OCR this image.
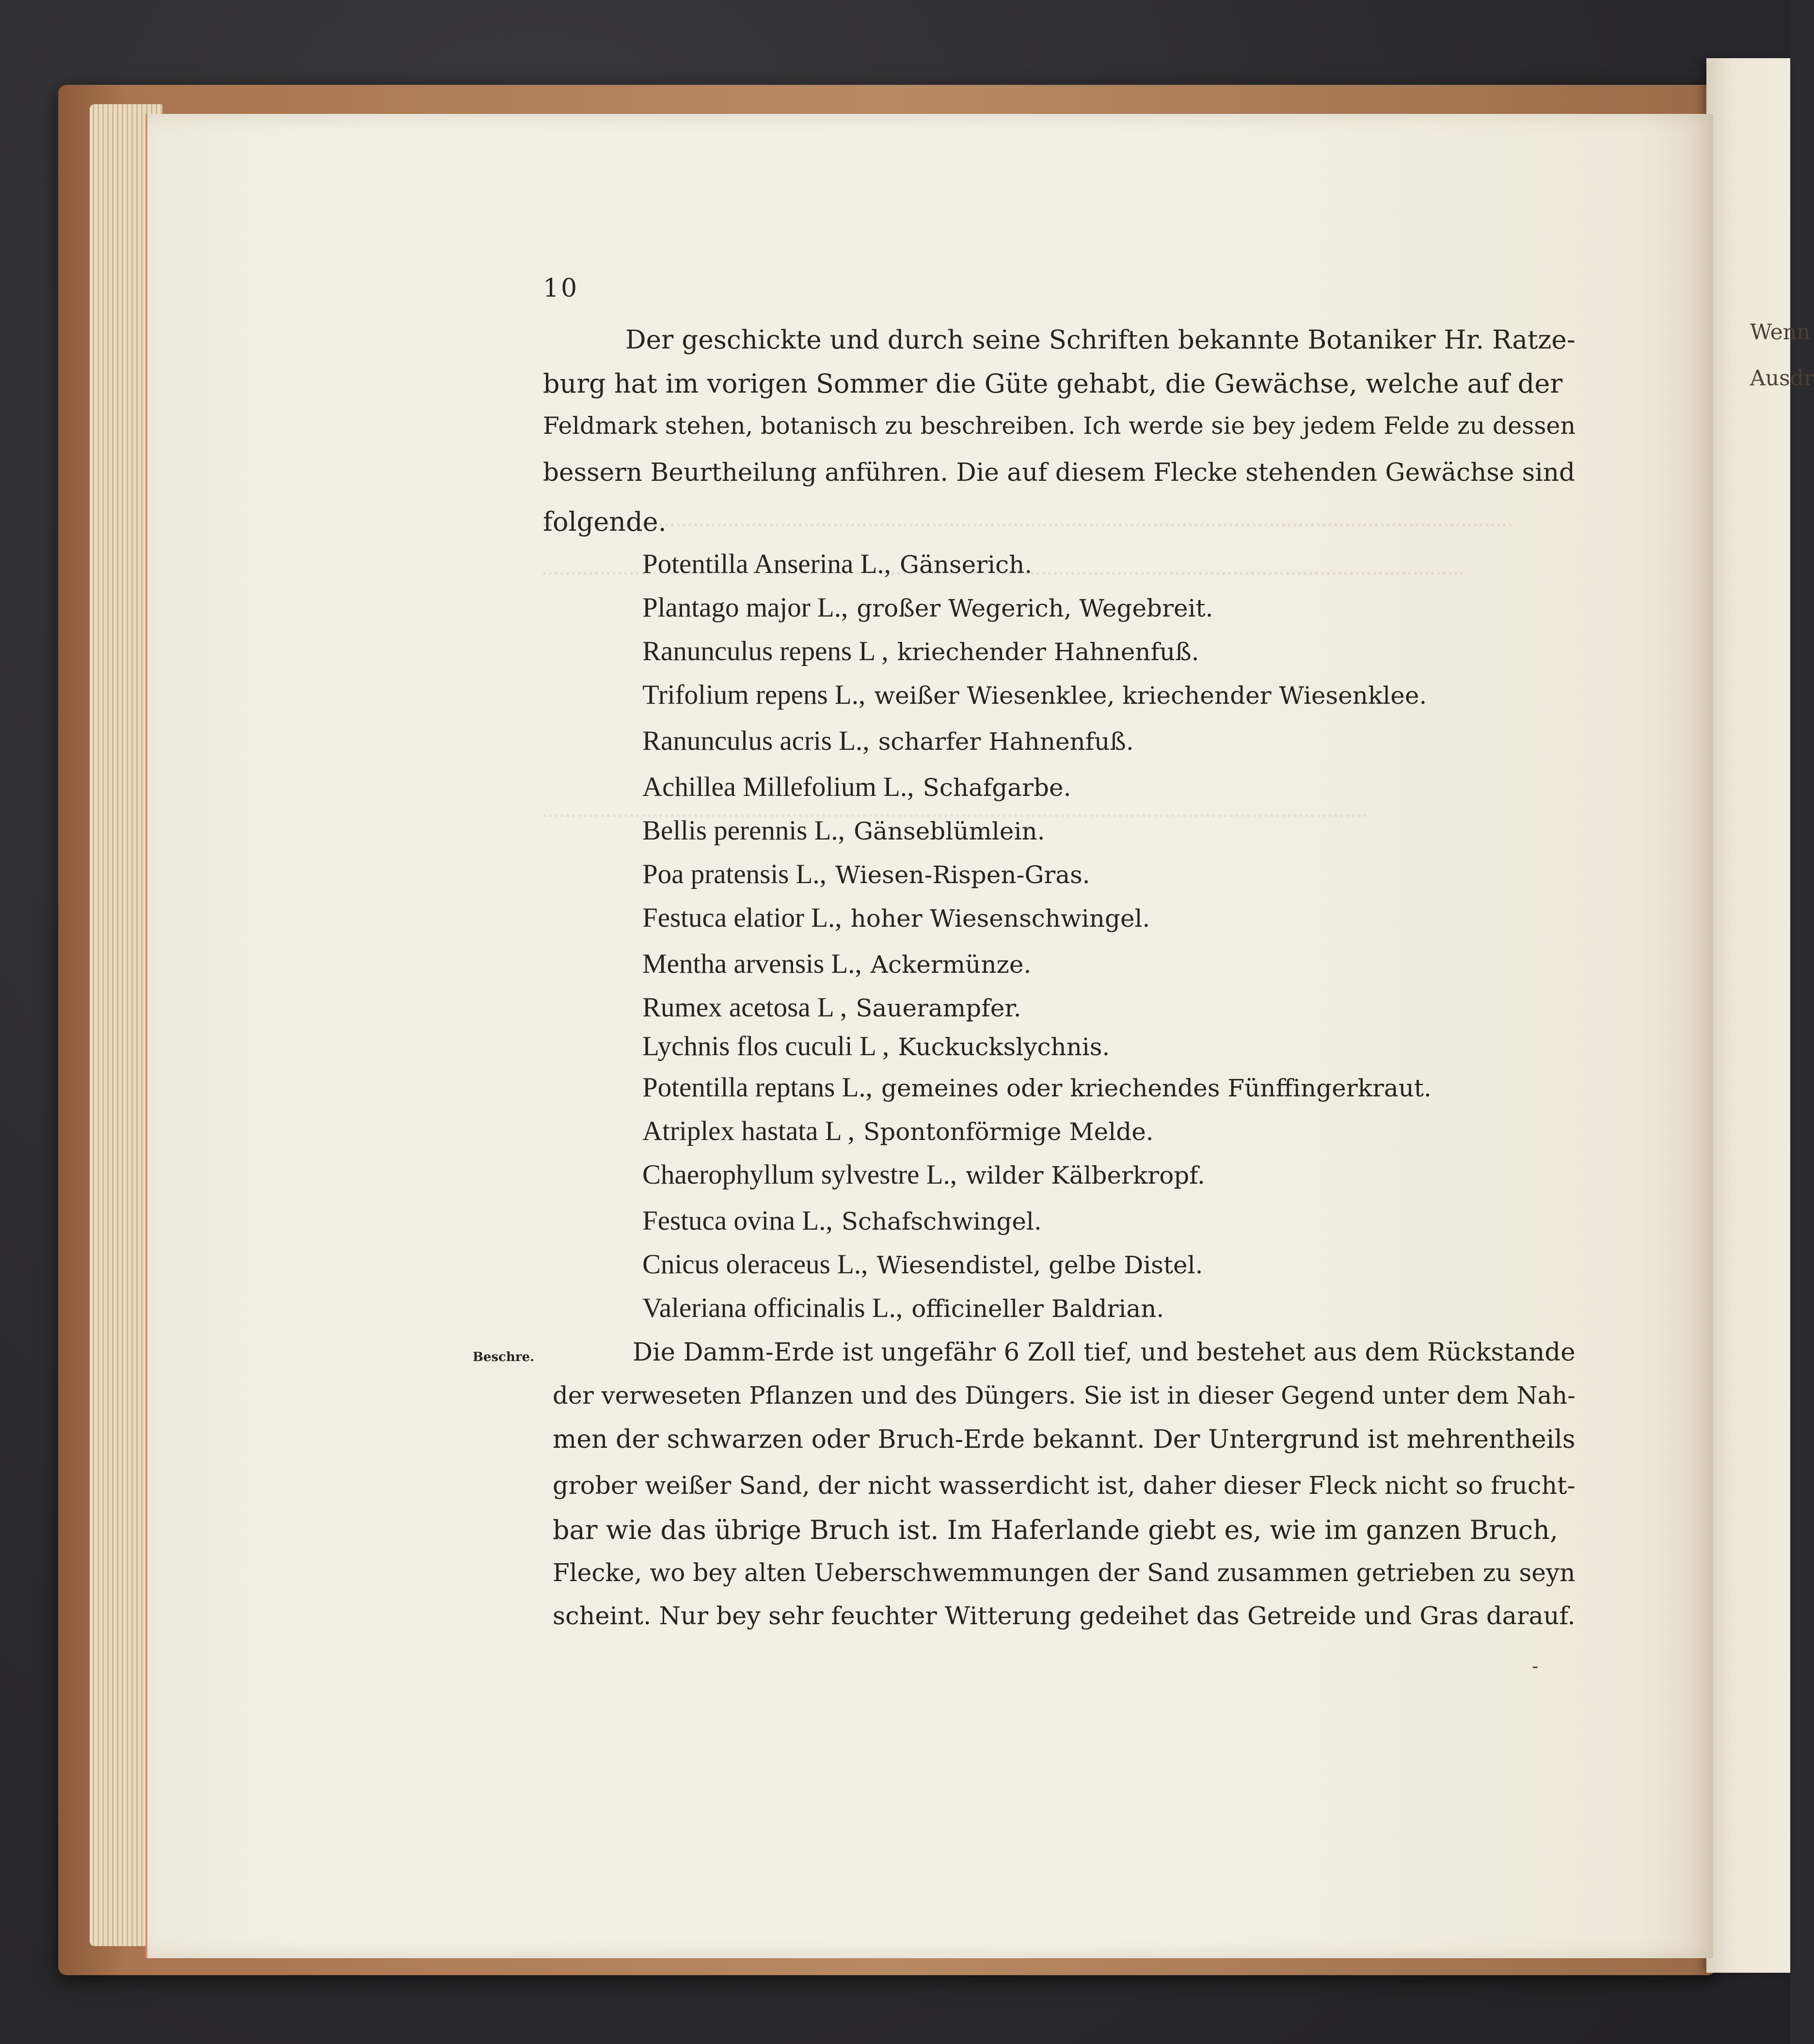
Wenn
Ausdr
10
Der geschickte und durch seine Schriften bekannte Botaniker Hr. Ratze-
burg hat im vorigen Sommer die Güte gehabt, die Gewächse, welche auf der
Feldmark stehen, botanisch zu beschreiben. Ich werde sie bey jedem Felde zu dessen
bessern Beurtheilung anführen. Die auf diesem Flecke stehenden Gewächse sind
folgende.
Potentilla Anserina L., Gänserich.
Plantago major L., großer Wegerich, Wegebreit.
Ranunculus repens L , kriechender Hahnenfuß.
Trifolium repens L., weißer Wiesenklee, kriechender Wiesenklee.
Ranunculus acris L., scharfer Hahnenfuß.
Achillea Millefolium L., Schafgarbe.
Bellis perennis L., Gänseblümlein.
Poa pratensis L., Wiesen-Rispen-Gras.
Festuca elatior L., hoher Wiesenschwingel.
Mentha arvensis L., Ackermünze.
Rumex acetosa L , Sauerampfer.
Lychnis flos cuculi L , Kuckuckslychnis.
Potentilla reptans L., gemeines oder kriechendes Fünffingerkraut.
Atriplex hastata L , Spontonförmige Melde.
Chaerophyllum sylvestre L., wilder Kälberkropf.
Festuca ovina L., Schafschwingel.
Cnicus oleraceus L., Wiesendistel, gelbe Distel.
Valeriana officinalis L., officineller Baldrian.
Beschre.	Die Damm-Erde ist ungefähr 6 Zoll tief, und bestehet aus dem Rückstande
der verweseten Pflanzen und des Düngers. Sie ist in dieser Gegend unter dem Nah-
men der schwarzen oder Bruch-Erde bekannt. Der Untergrund ist mehrentheils
grober weißer Sand, der nicht wasserdicht ist, daher dieser Fleck nicht so frucht-
bar wie das übrige Bruch ist. Im Haferlande giebt es, wie im ganzen Bruch,
Flecke, wo bey alten Ueberschwemmungen der Sand zusammen getrieben zu seyn
scheint. Nur bey sehr feuchter Witterung gedeihet das Getreide und Gras darauf.
-
